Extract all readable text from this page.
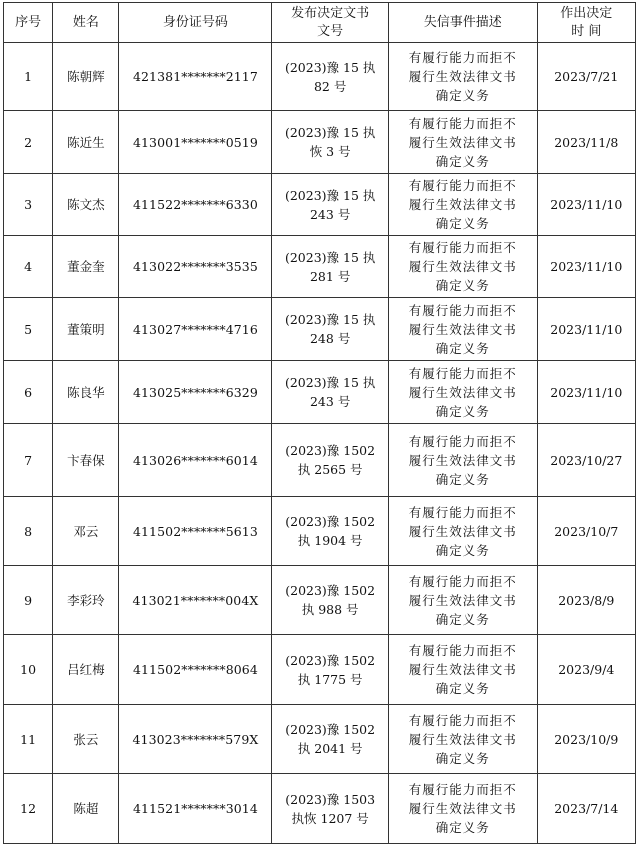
序号	姓名	身份证号码	发布决定文书
文号	失信事件描述	作出决定
时 间
1	陈朝辉	421381*******2117	(2023)豫 15 执
82 号	有履行能力而拒不
履行生效法律文书
确定义务	2023/7/21
2	陈近生	413001*******0519	(2023)豫 15 执
恢 3 号	有履行能力而拒不
履行生效法律文书
确定义务	2023/11/8
3	陈文杰	411522*******6330	(2023)豫 15 执
243 号	有履行能力而拒不
履行生效法律文书
确定义务	2023/11/10
4	董金奎	413022*******3535	(2023)豫 15 执
281 号	有履行能力而拒不
履行生效法律文书
确定义务	2023/11/10
5	董策明	413027*******4716	(2023)豫 15 执
248 号	有履行能力而拒不
履行生效法律文书
确定义务	2023/11/10
6	陈良华	413025*******6329	(2023)豫 15 执
243 号	有履行能力而拒不
履行生效法律文书
确定义务	2023/11/10
7	卞春保	413026*******6014	(2023)豫 1502
执 2565 号	有履行能力而拒不
履行生效法律文书
确定义务	2023/10/27
8	邓云	411502*******5613	(2023)豫 1502
执 1904 号	有履行能力而拒不
履行生效法律文书
确定义务	2023/10/7
9	李彩玲	413021*******004X	(2023)豫 1502
执 988 号	有履行能力而拒不
履行生效法律文书
确定义务	2023/8/9
10	吕红梅	411502*******8064	(2023)豫 1502
执 1775 号	有履行能力而拒不
履行生效法律文书
确定义务	2023/9/4
11	张云	413023*******579X	(2023)豫 1502
执 2041 号	有履行能力而拒不
履行生效法律文书
确定义务	2023/10/9
12	陈超	411521*******3014	(2023)豫 1503
执恢 1207 号	有履行能力而拒不
履行生效法律文书
确定义务	2023/7/14
